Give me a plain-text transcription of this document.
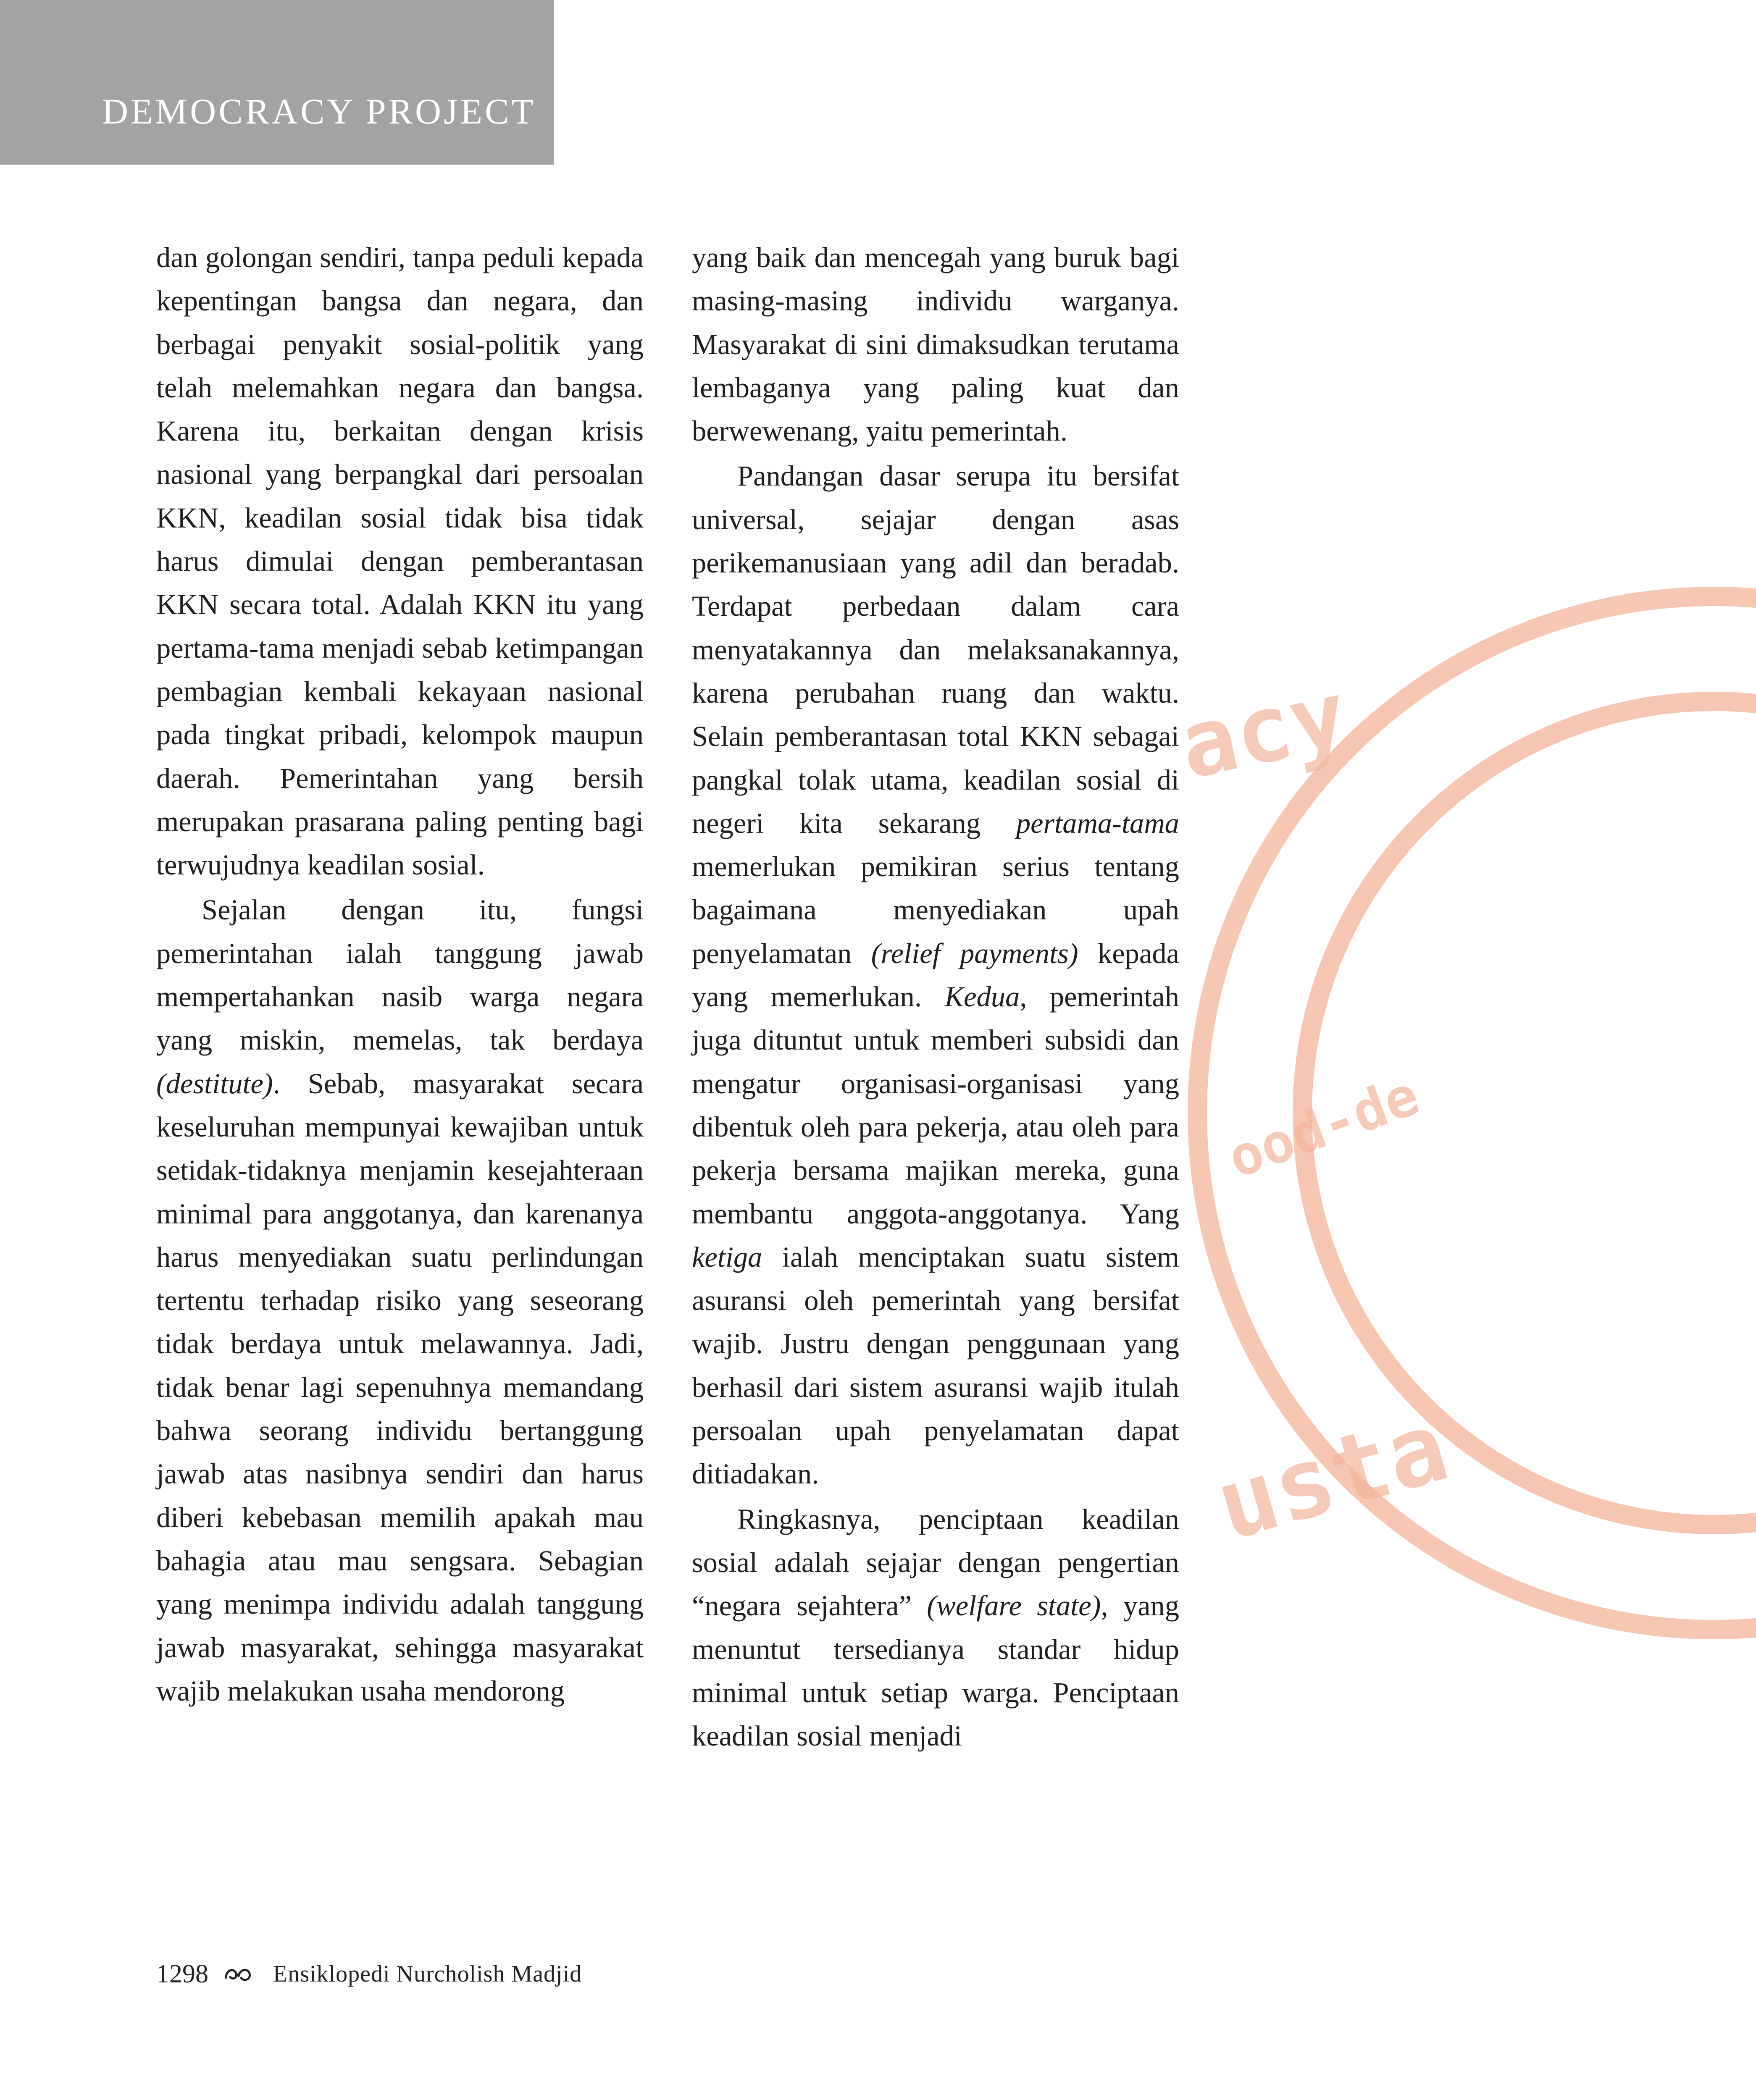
DEMOCRACY PROJECT
acy
ood-de
usta

dan golongan sendiri, tanpa peduli kepada kepentingan bangsa dan negara, dan berbagai penyakit sosial-politik yang telah melemahkan negara dan bangsa. Karena itu, berkaitan dengan krisis nasional yang berpangkal dari persoalan KKN, keadilan sosial tidak bisa tidak harus dimulai dengan pemberantasan KKN secara total. Adalah KKN itu yang pertama-tama menjadi sebab ketimpangan pembagian kembali kekayaan nasional pada tingkat pribadi, kelompok maupun daerah. Pemerintahan yang bersih merupakan prasarana paling penting bagi terwujudnya keadilan sosial.

Sejalan dengan itu, fungsi pemerintahan ialah tanggung jawab mempertahankan nasib warga negara yang miskin, memelas, tak berdaya (destitute). Sebab, masyarakat secara keseluruhan mempunyai kewajiban untuk setidak-tidaknya menjamin kesejahteraan minimal para anggotanya, dan karenanya harus menyediakan suatu perlindungan tertentu terhadap risiko yang seseorang tidak berdaya untuk melawannya. Jadi, tidak benar lagi sepenuhnya memandang bahwa seorang individu bertanggung jawab atas nasibnya sendiri dan harus diberi kebebasan memilih apakah mau bahagia atau mau sengsara. Sebagian yang menimpa individu adalah tanggung jawab masyarakat, sehingga masyarakat wajib melakukan usaha mendorong

yang baik dan mencegah yang buruk bagi masing-masing individu warganya. Masyarakat di sini dimaksudkan terutama lembaganya yang paling kuat dan berwewenang, yaitu pemerintah.

Pandangan dasar serupa itu bersifat universal, sejajar dengan asas perikemanusiaan yang adil dan beradab. Terdapat perbedaan dalam cara menyatakannya dan melaksanakannya, karena perubahan ruang dan waktu. Selain pemberantasan total KKN sebagai pangkal tolak utama, keadilan sosial di negeri kita sekarang pertama-tama memerlukan pemikiran serius tentang bagaimana menyediakan upah penyelamatan (relief payments) kepada yang memerlukan. Kedua, pemerintah juga dituntut untuk memberi subsidi dan mengatur organisasi-organisasi yang dibentuk oleh para pekerja, atau oleh para pekerja bersama majikan mereka, guna membantu anggota-anggotanya. Yang ketiga ialah menciptakan suatu sistem asuransi oleh pemerintah yang bersifat wajib. Justru dengan penggunaan yang berhasil dari sistem asuransi wajib itulah persoalan upah penyelamatan dapat ditiadakan.

Ringkasnya, penciptaan keadilan sosial adalah sejajar dengan pengertian “negara sejahtera” (welfare state), yang menuntut tersedianya standar hidup minimal untuk setiap warga. Penciptaan keadilan sosial menjadi

1298	Ensiklopedi Nurcholish Madjid
